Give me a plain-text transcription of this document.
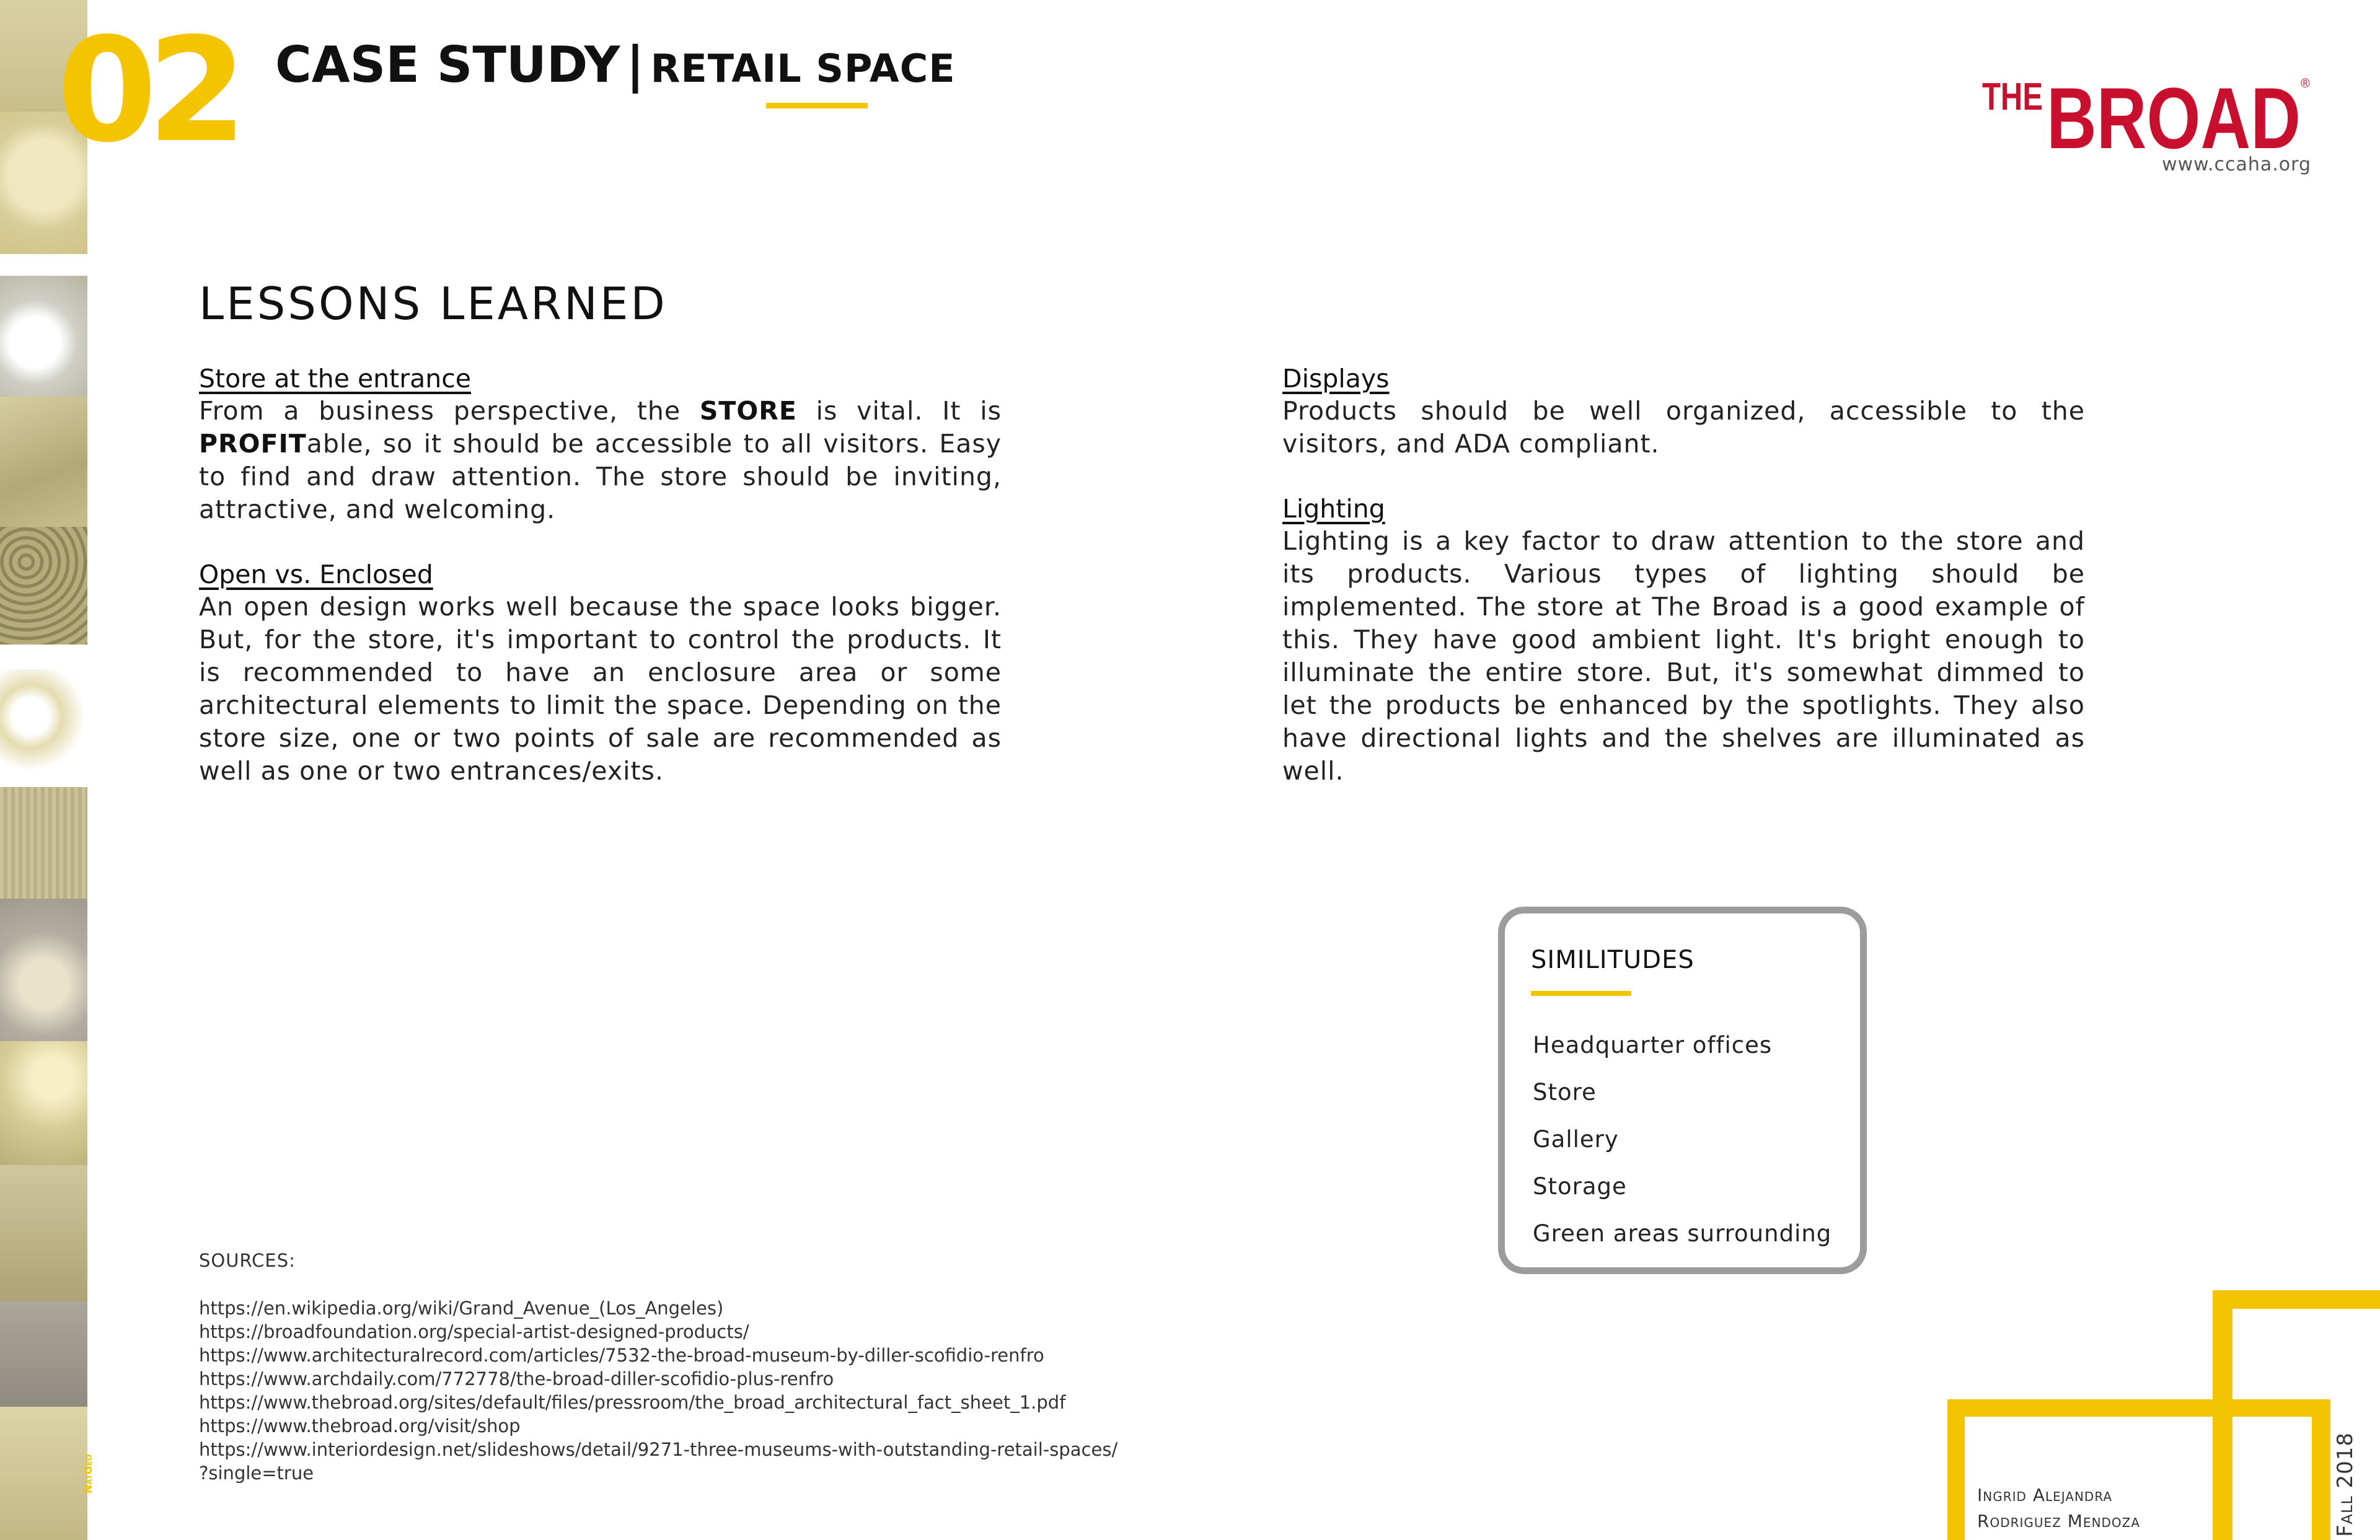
NatGeo
02 CASE STUDY | RETAIL SPACE
THE BROAD ®
www.ccaha.org
LESSONS LEARNED
Store at the entrance

From a business perspective, the STORE is vital. It is PROFITable, so it should be accessible to all visitors. Easy to find and draw attention. The store should be inviting, attractive, and welcoming.

Open vs. Enclosed

An open design works well because the space looks bigger. But, for the store, it's important to control the products. It is recommended to have an enclosure area or some architectural elements to limit the space. Depending on the store size, one or two points of sale are recommended as well as one or two entrances/exits.

Displays

Products should be well organized, accessible to the visitors, and ADA compliant.

Lighting

Lighting is a key factor to draw attention to the store and its products. Various types of lighting should be implemented. The store at The Broad is a good example of this. They have good ambient light. It's bright enough to illuminate the entire store. But, it's somewhat dimmed to let the products be enhanced by the spotlights. They also have directional lights and the shelves are illuminated as well.

SIMILITUDES
Headquarter offices
Store
Gallery
Storage
Green areas surrounding
SOURCES:
https://en.wikipedia.org/wiki/Grand_Avenue_(Los_Angeles)
https://broadfoundation.org/special-artist-designed-products/
https://www.architecturalrecord.com/articles/7532-the-broad-museum-by-diller-scofidio-renfro
https://www.archdaily.com/772778/the-broad-diller-scofidio-plus-renfro
https://www.thebroad.org/sites/default/files/pressroom/the_broad_architectural_fact_sheet_1.pdf
https://www.thebroad.org/visit/shop
https://www.interiordesign.net/slideshows/detail/9271-three-museums-with-outstanding-retail-spaces/
?single=true
Ingrid Alejandra
Rodriguez Mendoza	Fall 2018
